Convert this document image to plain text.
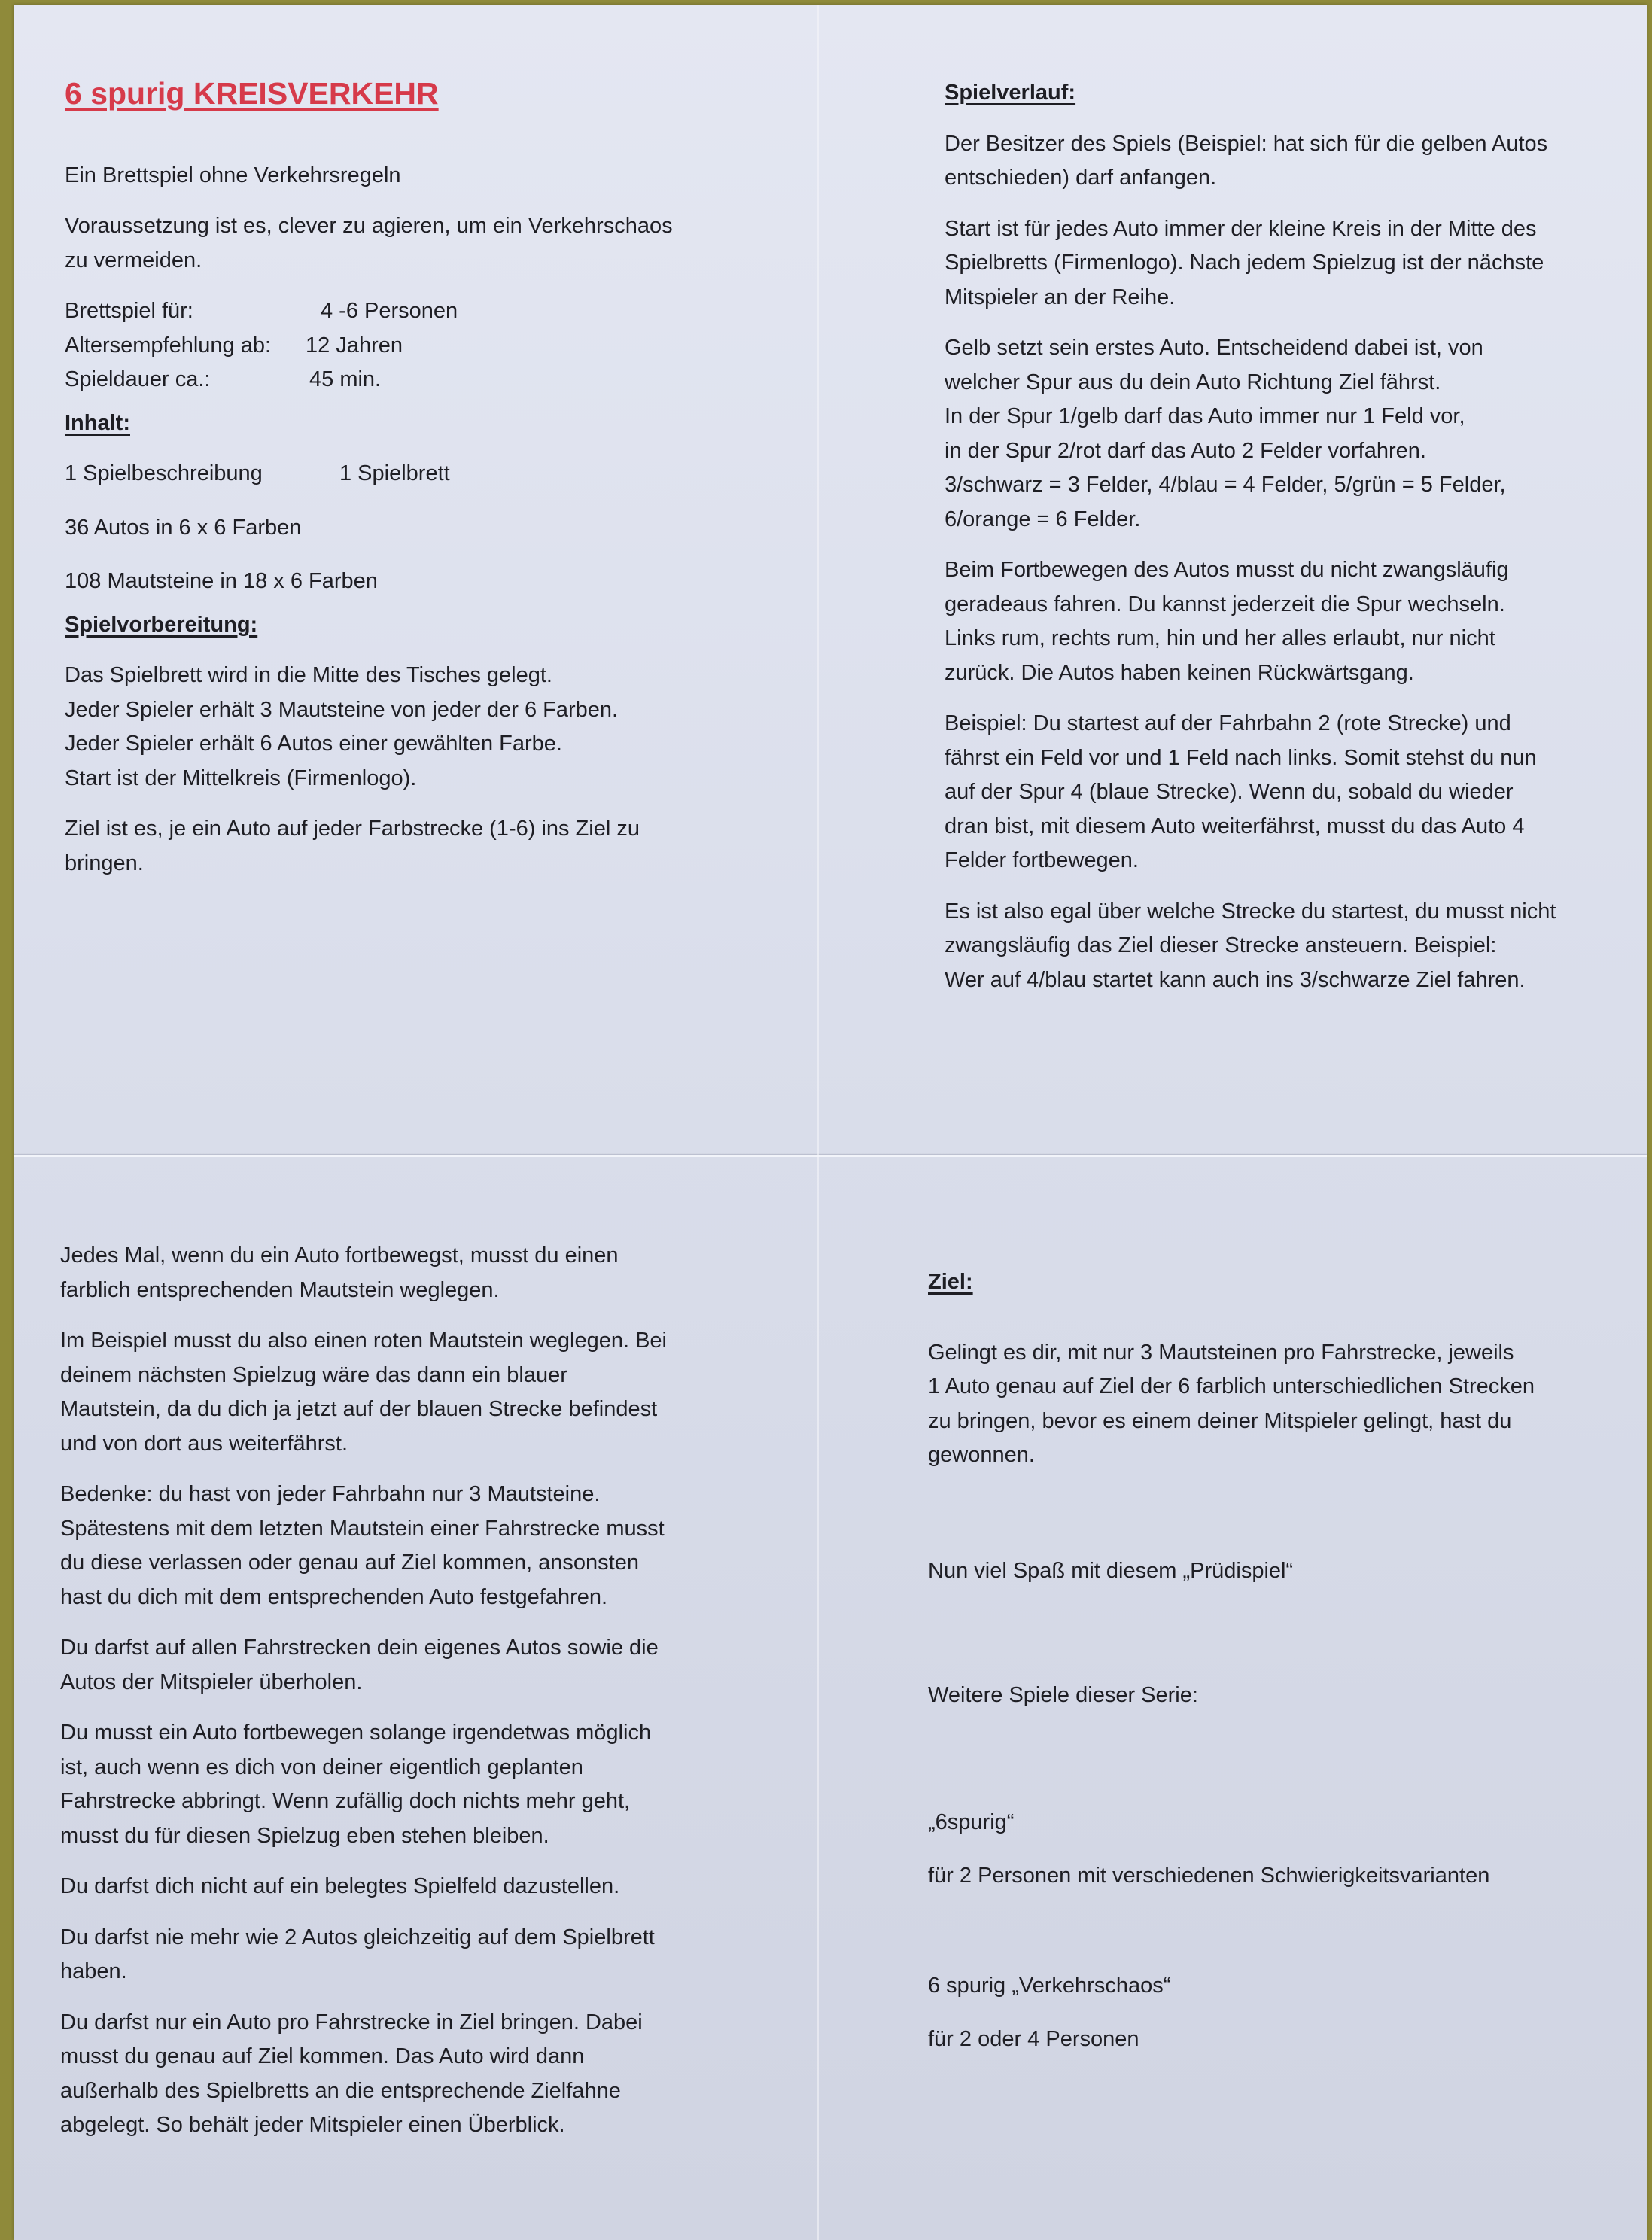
6 spurig KREISVERKEHR

Ein Brettspiel ohne Verkehrsregeln

Voraussetzung ist es, clever zu agieren, um ein Verkehrschaos

zu vermeiden.

Brettspiel für:	4 -6 Personen
Altersempfehlung ab:	12 Jahren
Spieldauer ca.:	45 min.

Inhalt:

1 Spielbeschreibung	1 Spielbrett

36 Autos in 6 x 6 Farben

108 Mautsteine in 18 x 6 Farben

Spielvorbereitung:

Das Spielbrett wird in die Mitte des Tisches gelegt.

Jeder Spieler erhält 3 Mautsteine von jeder der 6 Farben.

Jeder Spieler erhält 6 Autos einer gewählten Farbe.

Start ist der Mittelkreis (Firmenlogo).

Ziel ist es, je ein Auto auf jeder Farbstrecke (1-6) ins Ziel zu

bringen.

Spielverlauf:

Der Besitzer des Spiels (Beispiel: hat sich für die gelben Autos

entschieden) darf anfangen.

Start ist für jedes Auto immer der kleine Kreis in der Mitte des

Spielbretts (Firmenlogo). Nach jedem Spielzug ist der nächste

Mitspieler an der Reihe.

Gelb setzt sein erstes Auto. Entscheidend dabei ist, von

welcher Spur aus du dein Auto Richtung Ziel fährst.

In der Spur 1/gelb darf das Auto immer nur 1 Feld vor,

in der Spur 2/rot darf das Auto 2 Felder vorfahren.

3/schwarz = 3 Felder, 4/blau = 4 Felder, 5/grün = 5 Felder,

6/orange = 6 Felder.

Beim Fortbewegen des Autos musst du nicht zwangsläufig

geradeaus fahren. Du kannst jederzeit die Spur wechseln.

Links rum, rechts rum, hin und her alles erlaubt, nur nicht

zurück. Die Autos haben keinen Rückwärtsgang.

Beispiel: Du startest auf der Fahrbahn 2 (rote Strecke) und

fährst ein Feld vor und 1 Feld nach links. Somit stehst du nun

auf der Spur 4 (blaue Strecke). Wenn du, sobald du wieder

dran bist, mit diesem Auto weiterfährst, musst du das Auto 4

Felder fortbewegen.

Es ist also egal über welche Strecke du startest, du musst nicht

zwangsläufig das Ziel dieser Strecke ansteuern. Beispiel:

Wer auf 4/blau startet kann auch ins 3/schwarze Ziel fahren.

Jedes Mal, wenn du ein Auto fortbewegst, musst du einen

farblich entsprechenden Mautstein weglegen.

Im Beispiel musst du also einen roten Mautstein weglegen. Bei

deinem nächsten Spielzug wäre das dann ein blauer

Mautstein, da du dich ja jetzt auf der blauen Strecke befindest

und von dort aus weiterfährst.

Bedenke: du hast von jeder Fahrbahn nur 3 Mautsteine.

Spätestens mit dem letzten Mautstein einer Fahrstrecke musst

du diese verlassen oder genau auf Ziel kommen, ansonsten

hast du dich mit dem entsprechenden Auto festgefahren.

Du darfst auf allen Fahrstrecken dein eigenes Autos sowie die

Autos der Mitspieler überholen.

Du musst ein Auto fortbewegen solange irgendetwas möglich

ist, auch wenn es dich von deiner eigentlich geplanten

Fahrstrecke abbringt. Wenn zufällig doch nichts mehr geht,

musst du für diesen Spielzug eben stehen bleiben.

Du darfst dich nicht auf ein belegtes Spielfeld dazustellen.

Du darfst nie mehr wie 2 Autos gleichzeitig auf dem Spielbrett

haben.

Du darfst nur ein Auto pro Fahrstrecke in Ziel bringen. Dabei

musst du genau auf Ziel kommen. Das Auto wird dann

außerhalb des Spielbretts an die entsprechende Zielfahne

abgelegt. So behält jeder Mitspieler einen Überblick.

Ziel:

Gelingt es dir, mit nur 3 Mautsteinen pro Fahrstrecke, jeweils

1 Auto genau auf Ziel der 6 farblich unterschiedlichen Strecken

zu bringen, bevor es einem deiner Mitspieler gelingt, hast du

gewonnen.

Nun viel Spaß mit diesem „Prüdispiel“

Weitere Spiele dieser Serie:

„6spurig“

für 2 Personen mit verschiedenen Schwierigkeitsvarianten

6 spurig „Verkehrschaos“

für 2 oder 4 Personen
